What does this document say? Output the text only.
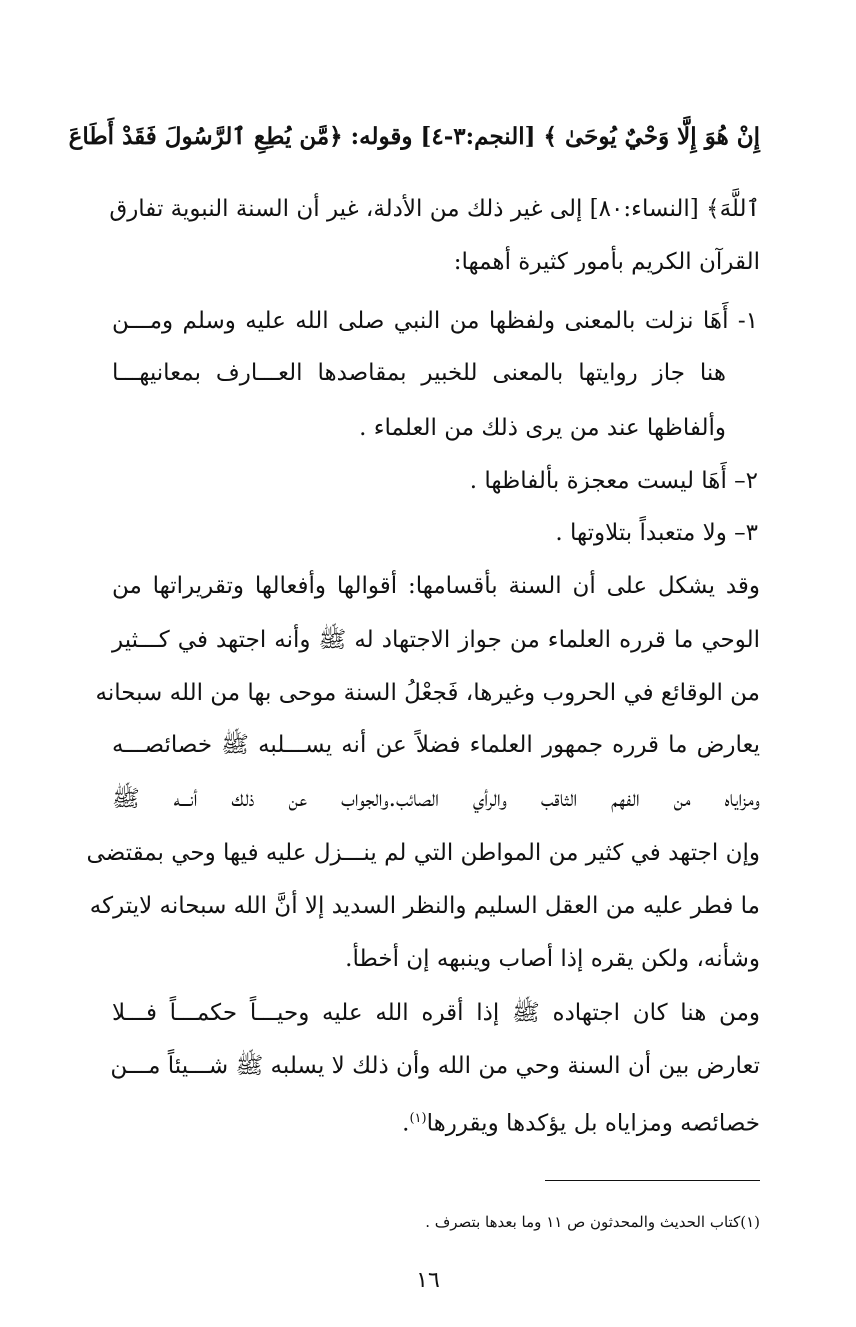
إِنْ هُوَ إِلَّا وَحْيٌ يُوحَىٰ ﴾ [النجم:٣-٤] وقوله: ﴿مَّن يُطِعِ ٱلرَّسُولَ فَقَدْ أَطَاعَ
ٱللَّهَ﴾ [النساء:٨٠] إلى غير ذلك من الأدلة، غير أن السنة النبوية تفارق
القرآن الكريم بأمور كثيرة أهمها:
١- أَهَا نزلت بالمعنى ولفظها من النبي صلى الله عليه وسلم ومـــن
هنا جاز روايتها بالمعنى للخبير بمقاصدها العـــارف بمعانيهـــا
وألفاظها عند من يرى ذلك من العلماء .
٢– أَهَا ليست معجزة بألفاظها .
٣– ولا متعبداً بتلاوتها .
وقد يشكل على أن السنة بأقسامها: أقوالها وأفعالها وتقريراتها من
الوحي ما قرره العلماء من جواز الاجتهاد له ﷺ وأنه اجتهد في كـــثير
من الوقائع في الحروب وغيرها، فَجعْلُ السنة موحى بها من الله سبحانه
يعارض ما قرره جمهور العلماء فضلاً عن أنه يســـلبه ﷺ خصائصـــه
ومزاياه من الفهم الثاقب والرأي الصائب.والجواب عن ذلك أنـــه ﷺ
وإن اجتهد في كثير من المواطن التي لم ينـــزل عليه فيها وحي بمقتضى
ما فطر عليه من العقل السليم والنظر السديد إلا أنَّ الله سبحانه لايتركه
وشأنه، ولكن يقره إذا أصاب وينبهه إن أخطأ.
ومن هنا كان اجتهاده ﷺ إذا أقره الله عليه وحيـــاً حكمـــاً فـــلا
تعارض بين أن السنة وحي من الله وأن ذلك لا يسلبه ﷺ شـــيئاً مـــن
خصائصه ومزاياه بل يؤكدها ويقررها$^{(١)}$.
(١)كتاب الحديث والمحدثون ص ١١ وما بعدها بتصرف .
١٦
